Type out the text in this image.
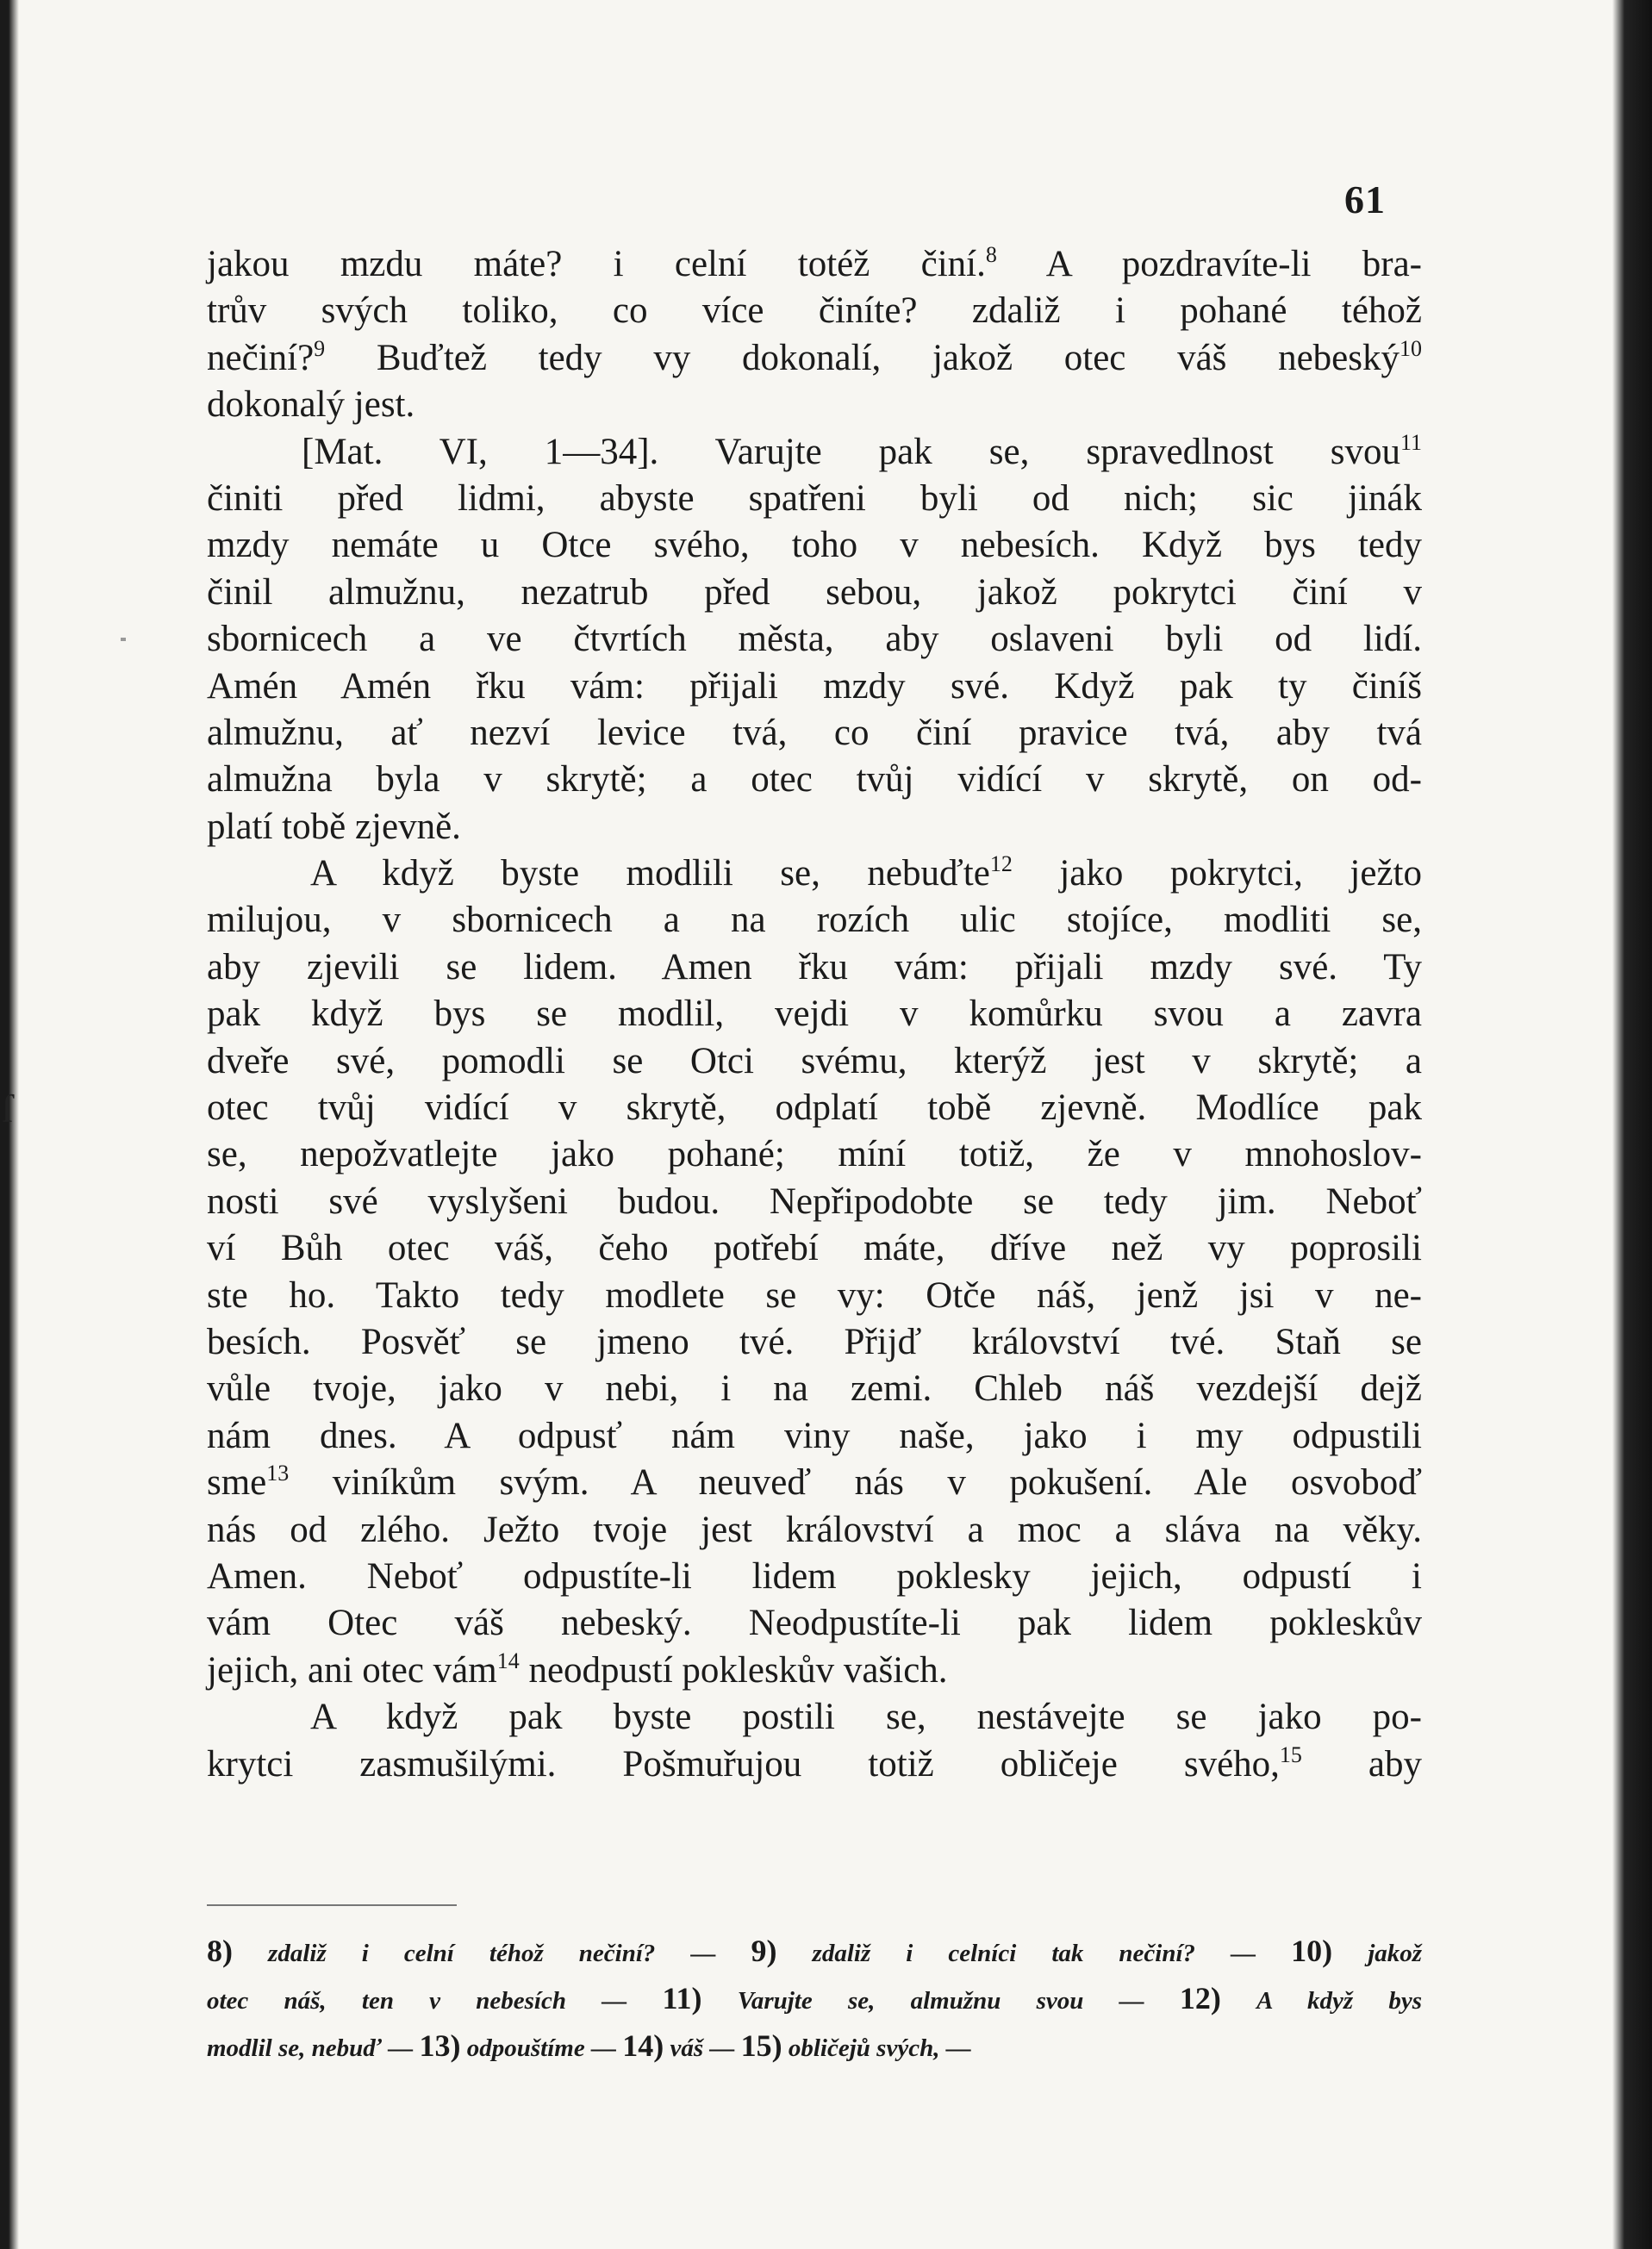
ſ
61
jakou mzdu máte? i celní totéž činí.$^8$ A pozdravíte-li bra-
trův svých toliko, co více činíte? zdaliž i pohané téhož
nečiní?$^9$ Buďtež tedy vy dokonalí, jakož otec váš nebeský$^{10}$
dokonalý jest.
[Mat. VI, 1—34]. Varujte pak se, spravedlnost svou$^{11}$
činiti před lidmi, abyste spatřeni byli od nich; sic jinák
mzdy nemáte u Otce svého, toho v nebesích. Když bys tedy
činil almužnu, nezatrub před sebou, jakož pokrytci činí v
sbornicech a ve čtvrtích města, aby oslaveni byli od lidí.
Amén Amén řku vám: přijali mzdy své. Když pak ty činíš
almužnu, ať nezví levice tvá, co činí pravice tvá, aby tvá
almužna byla v skrytě; a otec tvůj vidící v skrytě, on od-
platí tobě zjevně.
A když byste modlili se, nebuďte$^{12}$ jako pokrytci, ježto
milujou, v sbornicech a na rozích ulic stojíce, modliti se,
aby zjevili se lidem. Amen řku vám: přijali mzdy své. Ty
pak když bys se modlil, vejdi v komůrku svou a zavra
dveře své, pomodli se Otci svému, kterýž jest v skrytě; a
otec tvůj vidící v skrytě, odplatí tobě zjevně. Modlíce pak
se, nepožvatlejte jako pohané; míní totiž, že v mnohoslov-
nosti své vyslyšeni budou. Nepřipodobte se tedy jim. Neboť
ví Bůh otec váš, čeho potřebí máte, dříve než vy poprosili
ste ho. Takto tedy modlete se vy: Otče náš, jenž jsi v ne-
besích. Posvěť se jmeno tvé. Přijď království tvé. Staň se
vůle tvoje, jako v nebi, i na zemi. Chleb náš vezdejší dejž
nám dnes. A odpusť nám viny naše, jako i my odpustili
sme$^{13}$ viníkům svým. A neuveď nás v pokušení. Ale osvoboď
nás od zlého. Ježto tvoje jest království a moc a sláva na věky.
Amen. Neboť odpustíte-li lidem poklesky jejich, odpustí i
vám Otec váš nebeský. Neodpustíte-li pak lidem pokleskův
jejich, ani otec vám$^{14}$ neodpustí pokleskův vašich.
A když pak byste postili se, nestávejte se jako po-
krytci zasmušilými. Pošmuřujou totiž obličeje svého,$^{15}$ aby
8) zdaliž i celní téhož nečiní? — 9) zdaliž i celníci tak nečiní? — 10) jakož
otec náš, ten v nebesích — 11) Varujte se, almužnu svou — 12) A když bys
modlil se, nebuď — 13) odpouštíme — 14) váš — 15) obličejů svých, —
